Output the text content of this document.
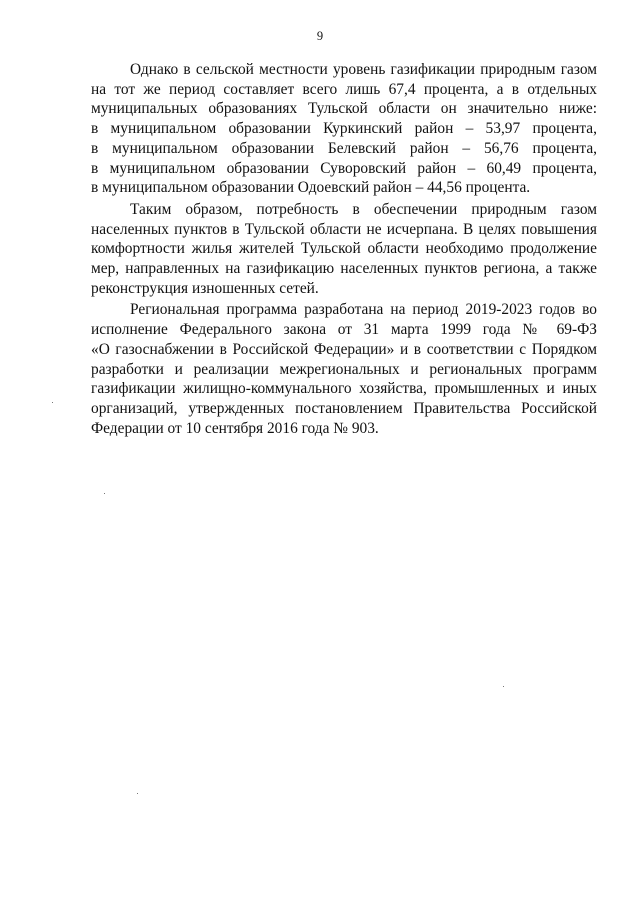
9

Однако в сельской местности уровень газификации природным газом
на тот же период составляет всего лишь 67,4 процента, а в отдельных
муниципальных образованиях Тульской области он значительно ниже:
в муниципальном образовании Куркинский район – 53,97 процента,
в муниципальном образовании Белевский район – 56,76 процента,
в муниципальном образовании Суворовский район – 60,49 процента,
в муниципальном образовании Одоевский район – 44,56 процента.

Таким образом, потребность в обеспечении природным газом
населенных пунктов в Тульской области не исчерпана. В целях повышения
комфортности жилья жителей Тульской области необходимо продолжение
мер, направленных на газификацию населенных пунктов региона, а также
реконструкция изношенных сетей.

Региональная программа разработана на период 2019-2023 годов во
исполнение Федерального закона от 31 марта 1999 года № 69-ФЗ
«О газоснабжении в Российской Федерации» и в соответствии с Порядком
разработки и реализации межрегиональных и региональных программ
газификации жилищно-коммунального хозяйства, промышленных и иных
организаций, утвержденных постановлением Правительства Российской
Федерации от 10 сентября 2016 года № 903.
